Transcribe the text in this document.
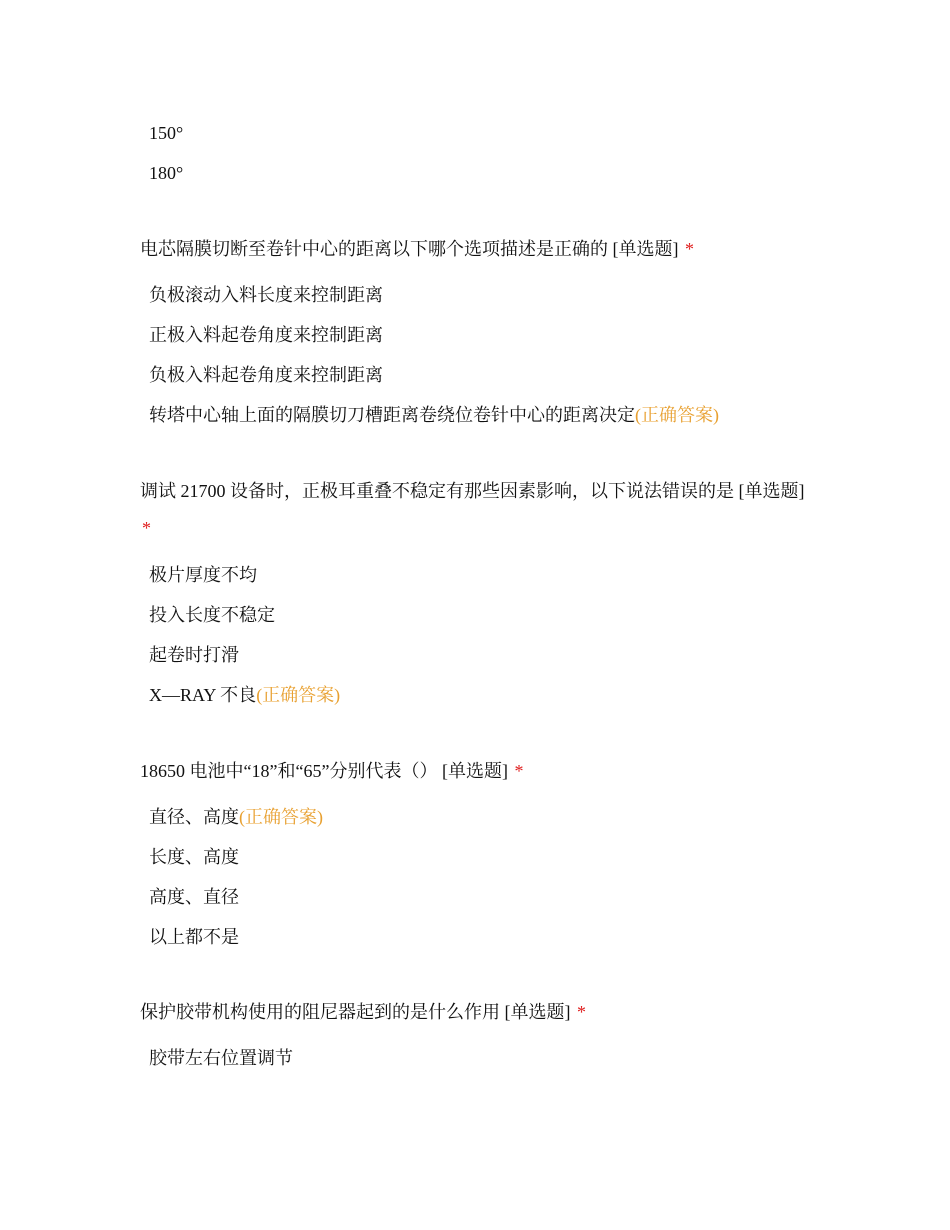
150°
180°

电芯隔膜切断至卷针中心的距离以下哪个选项描述是正确的 [单选题] *

负极滚动入料长度来控制距离
正极入料起卷角度来控制距离
负极入料起卷角度来控制距离
转塔中心轴上面的隔膜切刀槽距离卷绕位卷针中心的距离决定(正确答案)

调试 21700 设备时，正极耳重叠不稳定有那些因素影响，以下说法错误的是 [单选题] *

极片厚度不均
投入长度不稳定
起卷时打滑
X—RAY 不良(正确答案)

18650 电池中“18”和“65”分别代表（） [单选题] *

直径、高度(正确答案)
长度、高度
高度、直径
以上都不是

保护胶带机构使用的阻尼器起到的是什么作用 [单选题] *

胶带左右位置调节
